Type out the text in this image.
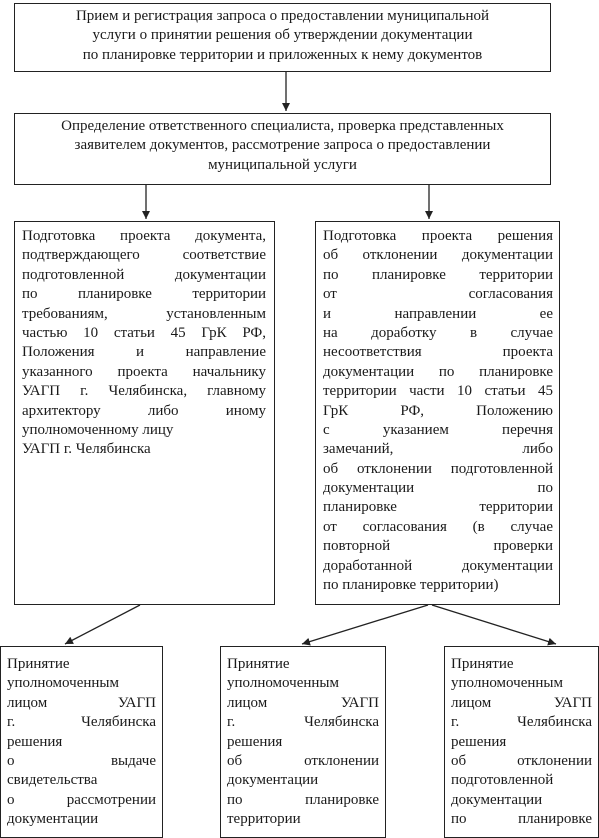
Прием и регистрация запроса о предоставлении муниципальной
услуги о принятии решения об утверждении документации
по планировке территории и приложенных к нему документов
Определение ответственного специалиста, проверка представленных
заявителем документов, рассмотрение запроса о предоставлении
муниципальной услуги
Подготовка проекта документа,
подтверждающего соответствие
подготовленной документации
по планировке территории
требованиям, установленным
частью 10 статьи 45 ГрК РФ,
Положения и направление
указанного проекта начальнику
УАГП г. Челябинска, главному
архитектору либо иному
уполномоченному лицу
УАГП г. Челябинска
Подготовка проекта решения
об отклонении документации
по планировке территории
от согласования
и направлении ее
на доработку в случае
несоответствия проекта
документации по планировке
территории части 10 статьи 45
ГрК РФ, Положению
с указанием перечня
замечаний, либо
об отклонении подготовленной
документации по
планировке территории
от согласования (в случае
повторной проверки
доработанной документации
по планировке территории)
Принятие
уполномоченным
лицом УАГП
г. Челябинска
решения
о выдаче
свидетельства
о рассмотрении
документации
Принятие
уполномоченным
лицом УАГП
г. Челябинска
решения
об отклонении
документации
по планировке
территории
Принятие
уполномоченным
лицом УАГП
г. Челябинска
решения
об отклонении
подготовленной
документации
по планировке
